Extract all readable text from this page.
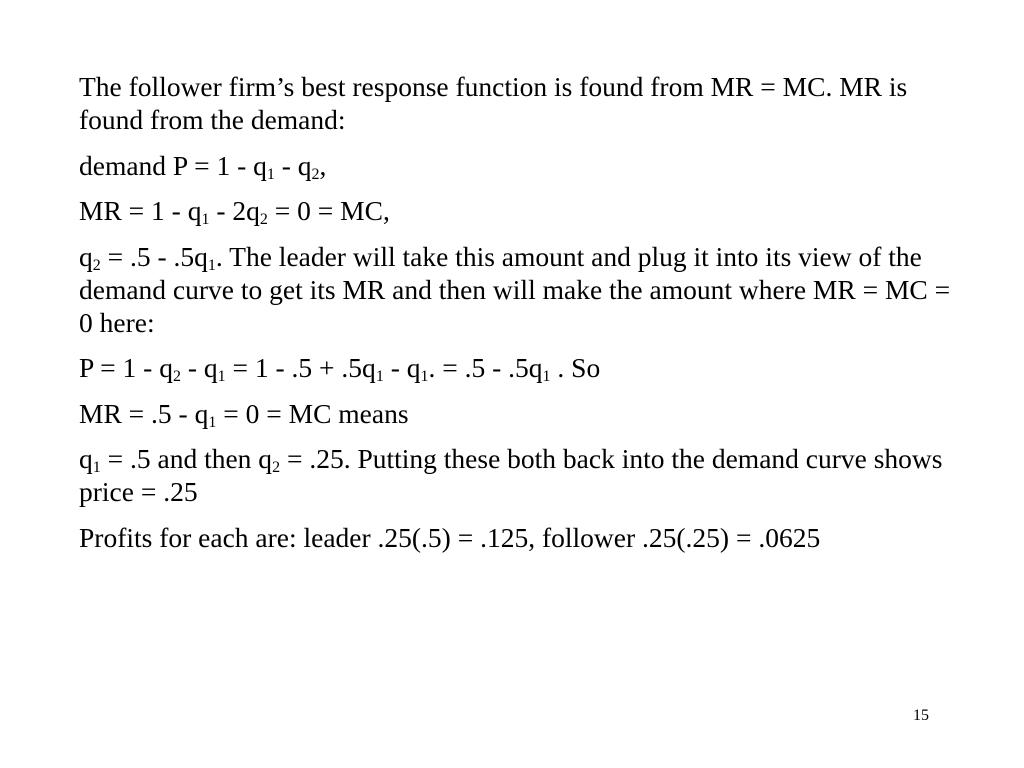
The follower firm’s best response function is found from MR = MC. MR is found from the demand:

demand $P = 1 - q_1 - q_2$,

MR = $1 - q_1 - 2q_2 = 0$ = MC,

$q_2 = .5 - .5q_1$. The leader will take this amount and plug it into its view of the demand curve to get its MR and then will make the amount where MR = MC = 0 here:

$P = 1 - q_2 - q_1 = 1 - .5 + .5q_1 - q_1$. = $.5 - .5q_1$ . So

MR = $.5 - q_1 = 0$ = MC means

$q_1 = .5$ and then $q_2 = .25$. Putting these both back into the demand curve shows price = .25

Profits for each are: leader .25(.5) = .125, follower .25(.25) = .0625

15
